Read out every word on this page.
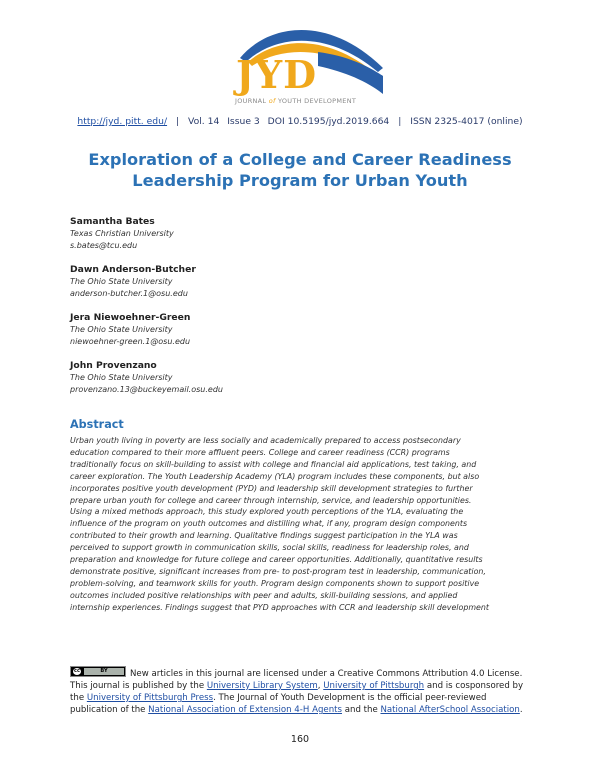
JYD
JOURNAL of YOUTH DEVELOPMENT
http://jyd. pitt. edu/ | Vol. 14 Issue 3 DOI 10.5195/jyd.2019.664 | ISSN 2325-4017 (online)
Exploration of a College and Career Readiness Leadership Program for Urban Youth
Samantha Bates
Texas Christian University
s.bates@tcu.edu
Dawn Anderson-Butcher
The Ohio State University
anderson-butcher.1@osu.edu
Jera Niewoehner-Green
The Ohio State University
niewoehner-green.1@osu.edu
John Provenzano
The Ohio State University
provenzano.13@buckeyemail.osu.edu
Abstract
Urban youth living in poverty are less socially and academically prepared to access postsecondary
education compared to their more affluent peers. College and career readiness (CCR) programs
traditionally focus on skill-building to assist with college and financial aid applications, test taking, and
career exploration. The Youth Leadership Academy (YLA) program includes these components, but also
incorporates positive youth development (PYD) and leadership skill development strategies to further
prepare urban youth for college and career through internship, service, and leadership opportunities.
Using a mixed methods approach, this study explored youth perceptions of the YLA, evaluating the
influence of the program on youth outcomes and distilling what, if any, program design components
contributed to their growth and learning. Qualitative findings suggest participation in the YLA was
perceived to support growth in communication skills, social skills, readiness for leadership roles, and
preparation and knowledge for future college and career opportunities. Additionally, quantitative results
demonstrate positive, significant increases from pre- to post-program test in leadership, communication,
problem-solving, and teamwork skills for youth. Program design components shown to support positive
outcomes included positive relationships with peer and adults, skill-building sessions, and applied
internship experiences. Findings suggest that PYD approaches with CCR and leadership skill development
cc	BY	New articles in this journal are licensed under a Creative Commons Attribution 4.0 License.
This journal is published by the University Library System, University of Pittsburgh and is cosponsored by
the University of Pittsburgh Press. The Journal of Youth Development is the official peer-reviewed
publication of the National Association of Extension 4-H Agents and the National AfterSchool Association.
160
